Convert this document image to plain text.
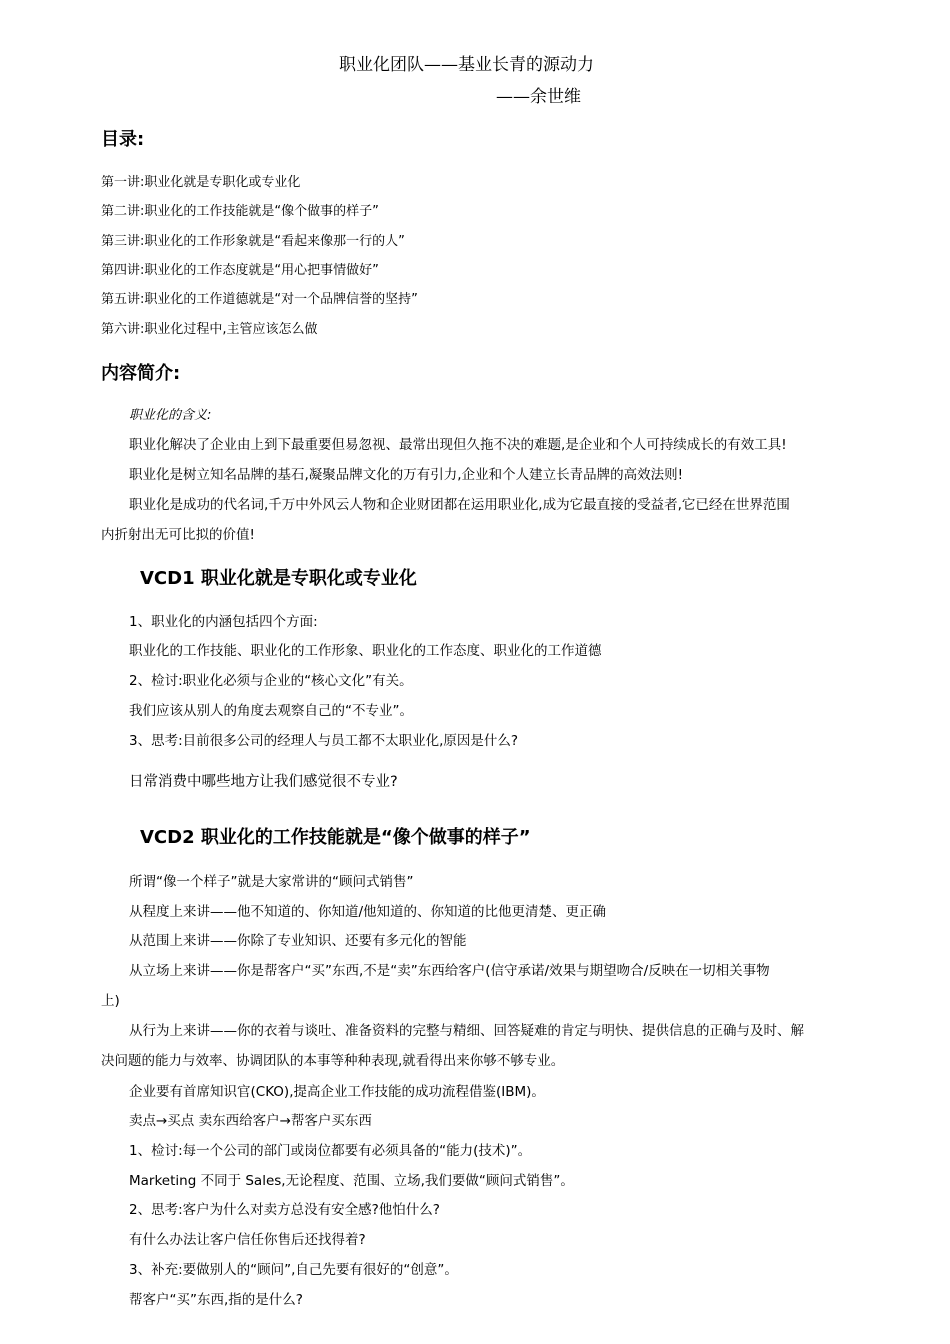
职业化团队——基业长青的源动力
——余世维
目录:
第一讲:职业化就是专职化或专业化
第二讲:职业化的工作技能就是“像个做事的样子”
第三讲:职业化的工作形象就是“看起来像那一行的人”
第四讲:职业化的工作态度就是“用心把事情做好”
第五讲:职业化的工作道德就是“对一个品牌信誉的坚持”
第六讲:职业化过程中,主管应该怎么做
内容简介:
职业化的含义:
职业化解决了企业由上到下最重要但易忽视、最常出现但久拖不决的难题,是企业和个人可持续成长的有效工具!
职业化是树立知名品牌的基石,凝聚品牌文化的万有引力,企业和个人建立长青品牌的高效法则!
职业化是成功的代名词,千万中外风云人物和企业财团都在运用职业化,成为它最直接的受益者,它已经在世界范围
内折射出无可比拟的价值!
VCD1 职业化就是专职化或专业化
1、职业化的内涵包括四个方面:
职业化的工作技能、职业化的工作形象、职业化的工作态度、职业化的工作道德
2、检讨:职业化必须与企业的“核心文化”有关。
我们应该从别人的角度去观察自己的“不专业”。
3、思考:目前很多公司的经理人与员工都不太职业化,原因是什么?
日常消费中哪些地方让我们感觉很不专业?
VCD2 职业化的工作技能就是“像个做事的样子”
所谓“像一个样子”就是大家常讲的“顾问式销售”
从程度上来讲——他不知道的、你知道/他知道的、你知道的比他更清楚、更正确
从范围上来讲——你除了专业知识、还要有多元化的智能
从立场上来讲——你是帮客户“买”东西,不是“卖”东西给客户(信守承诺/效果与期望吻合/反映在一切相关事物
上)
从行为上来讲——你的衣着与谈吐、准备资料的完整与精细、回答疑难的肯定与明快、提供信息的正确与及时、解
决问题的能力与效率、协调团队的本事等种种表现,就看得出来你够不够专业。
企业要有首席知识官(CKO),提高企业工作技能的成功流程借鉴(IBM)。
卖点→买点 卖东西给客户→帮客户买东西
1、检讨:每一个公司的部门或岗位都要有必须具备的“能力(技术)”。
Marketing 不同于 Sales,无论程度、范围、立场,我们要做“顾问式销售”。
2、思考:客户为什么对卖方总没有安全感?他怕什么?
有什么办法让客户信任你售后还找得着?
3、补充:要做别人的“顾问”,自己先要有很好的“创意”。
帮客户“买”东西,指的是什么?
